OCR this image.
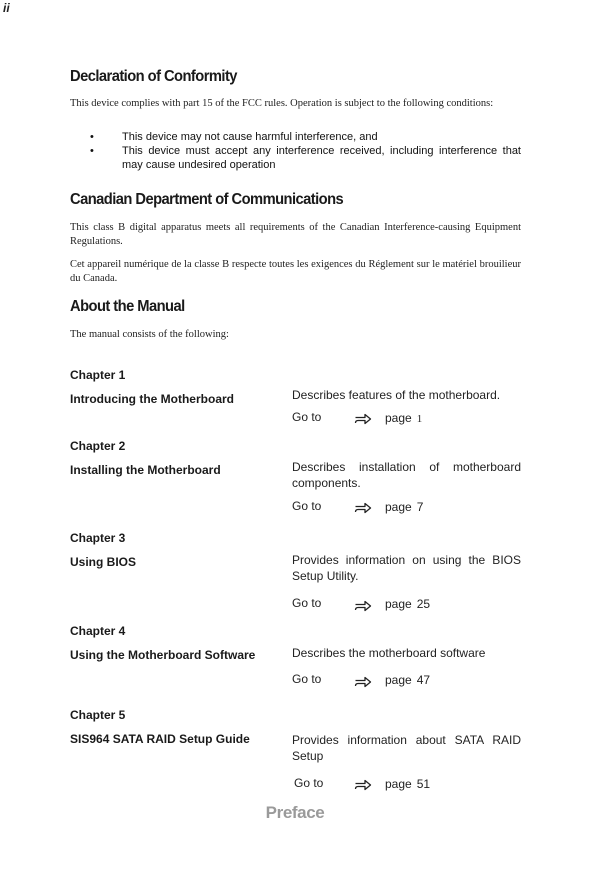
ii
Declaration of Conformity
This device complies with part 15 of the FCC rules. Operation is subject to the following conditions:
•	This device may not cause harmful interference, and
•	This device must accept any interference received, including interference that may cause undesired operation
Canadian Department of Communications
This class B digital apparatus meets all requirements of the Canadian Interference-causing Equipment Regulations.
Cet appareil numérique de la classe B respecte toutes les exigences du Réglement sur le matériel brouilieur du Canada.
About the Manual
The manual consists of the following:
Chapter 1
Introducing the Motherboard	Describes features of the motherboard.
Go to	page 1
Chapter 2
Installing the Motherboard	Describes installation of motherboard components.
Go to	page 7
Chapter 3
Using BIOS	Provides information on using the BIOS Setup Utility.
Go to	page 25
Chapter 4
Using the Motherboard Software	Describes the motherboard software
Go to	page 47
Chapter 5
SIS964 SATA RAID Setup Guide	Provides information about SATA RAID Setup
Go to	page 51
Preface
